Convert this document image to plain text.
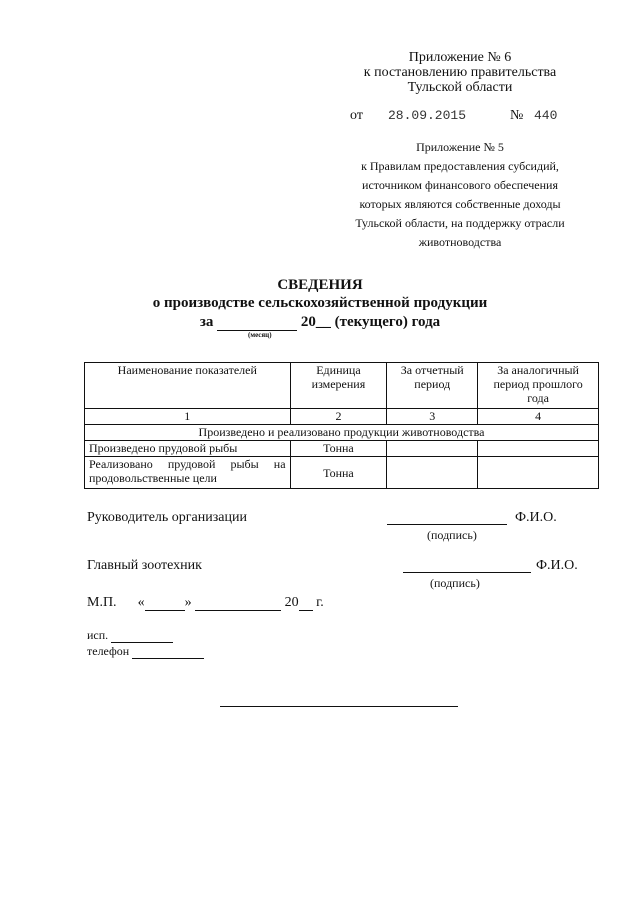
Приложение № 6
к постановлению правительства
Тульской области
от 28.09.2015	№ 440
Приложение № 5
к Правилам предоставления субсидий,
источником финансового обеспечения
которых являются собственные доходы
Тульской области, на поддержку отрасли
животноводства
СВЕДЕНИЯ
о производстве сельскохозяйственной продукции
за	20__ (текущего) года
(месяц)
Наименование показателей	Единица измерения	За отчетный период	За аналогичный период прошлого года
1	2	3	4
Произведено и реализовано продукции животноводства			
Произведено прудовой рыбы	Тонна		
Реализовано прудовой рыбы на продовольственные цели	Тонна		
Руководитель организации	Ф.И.О.
(подпись)
Главный зоотехник	Ф.И.О.
(подпись)
М.П. «	»	20 г.
исп.
телефон
